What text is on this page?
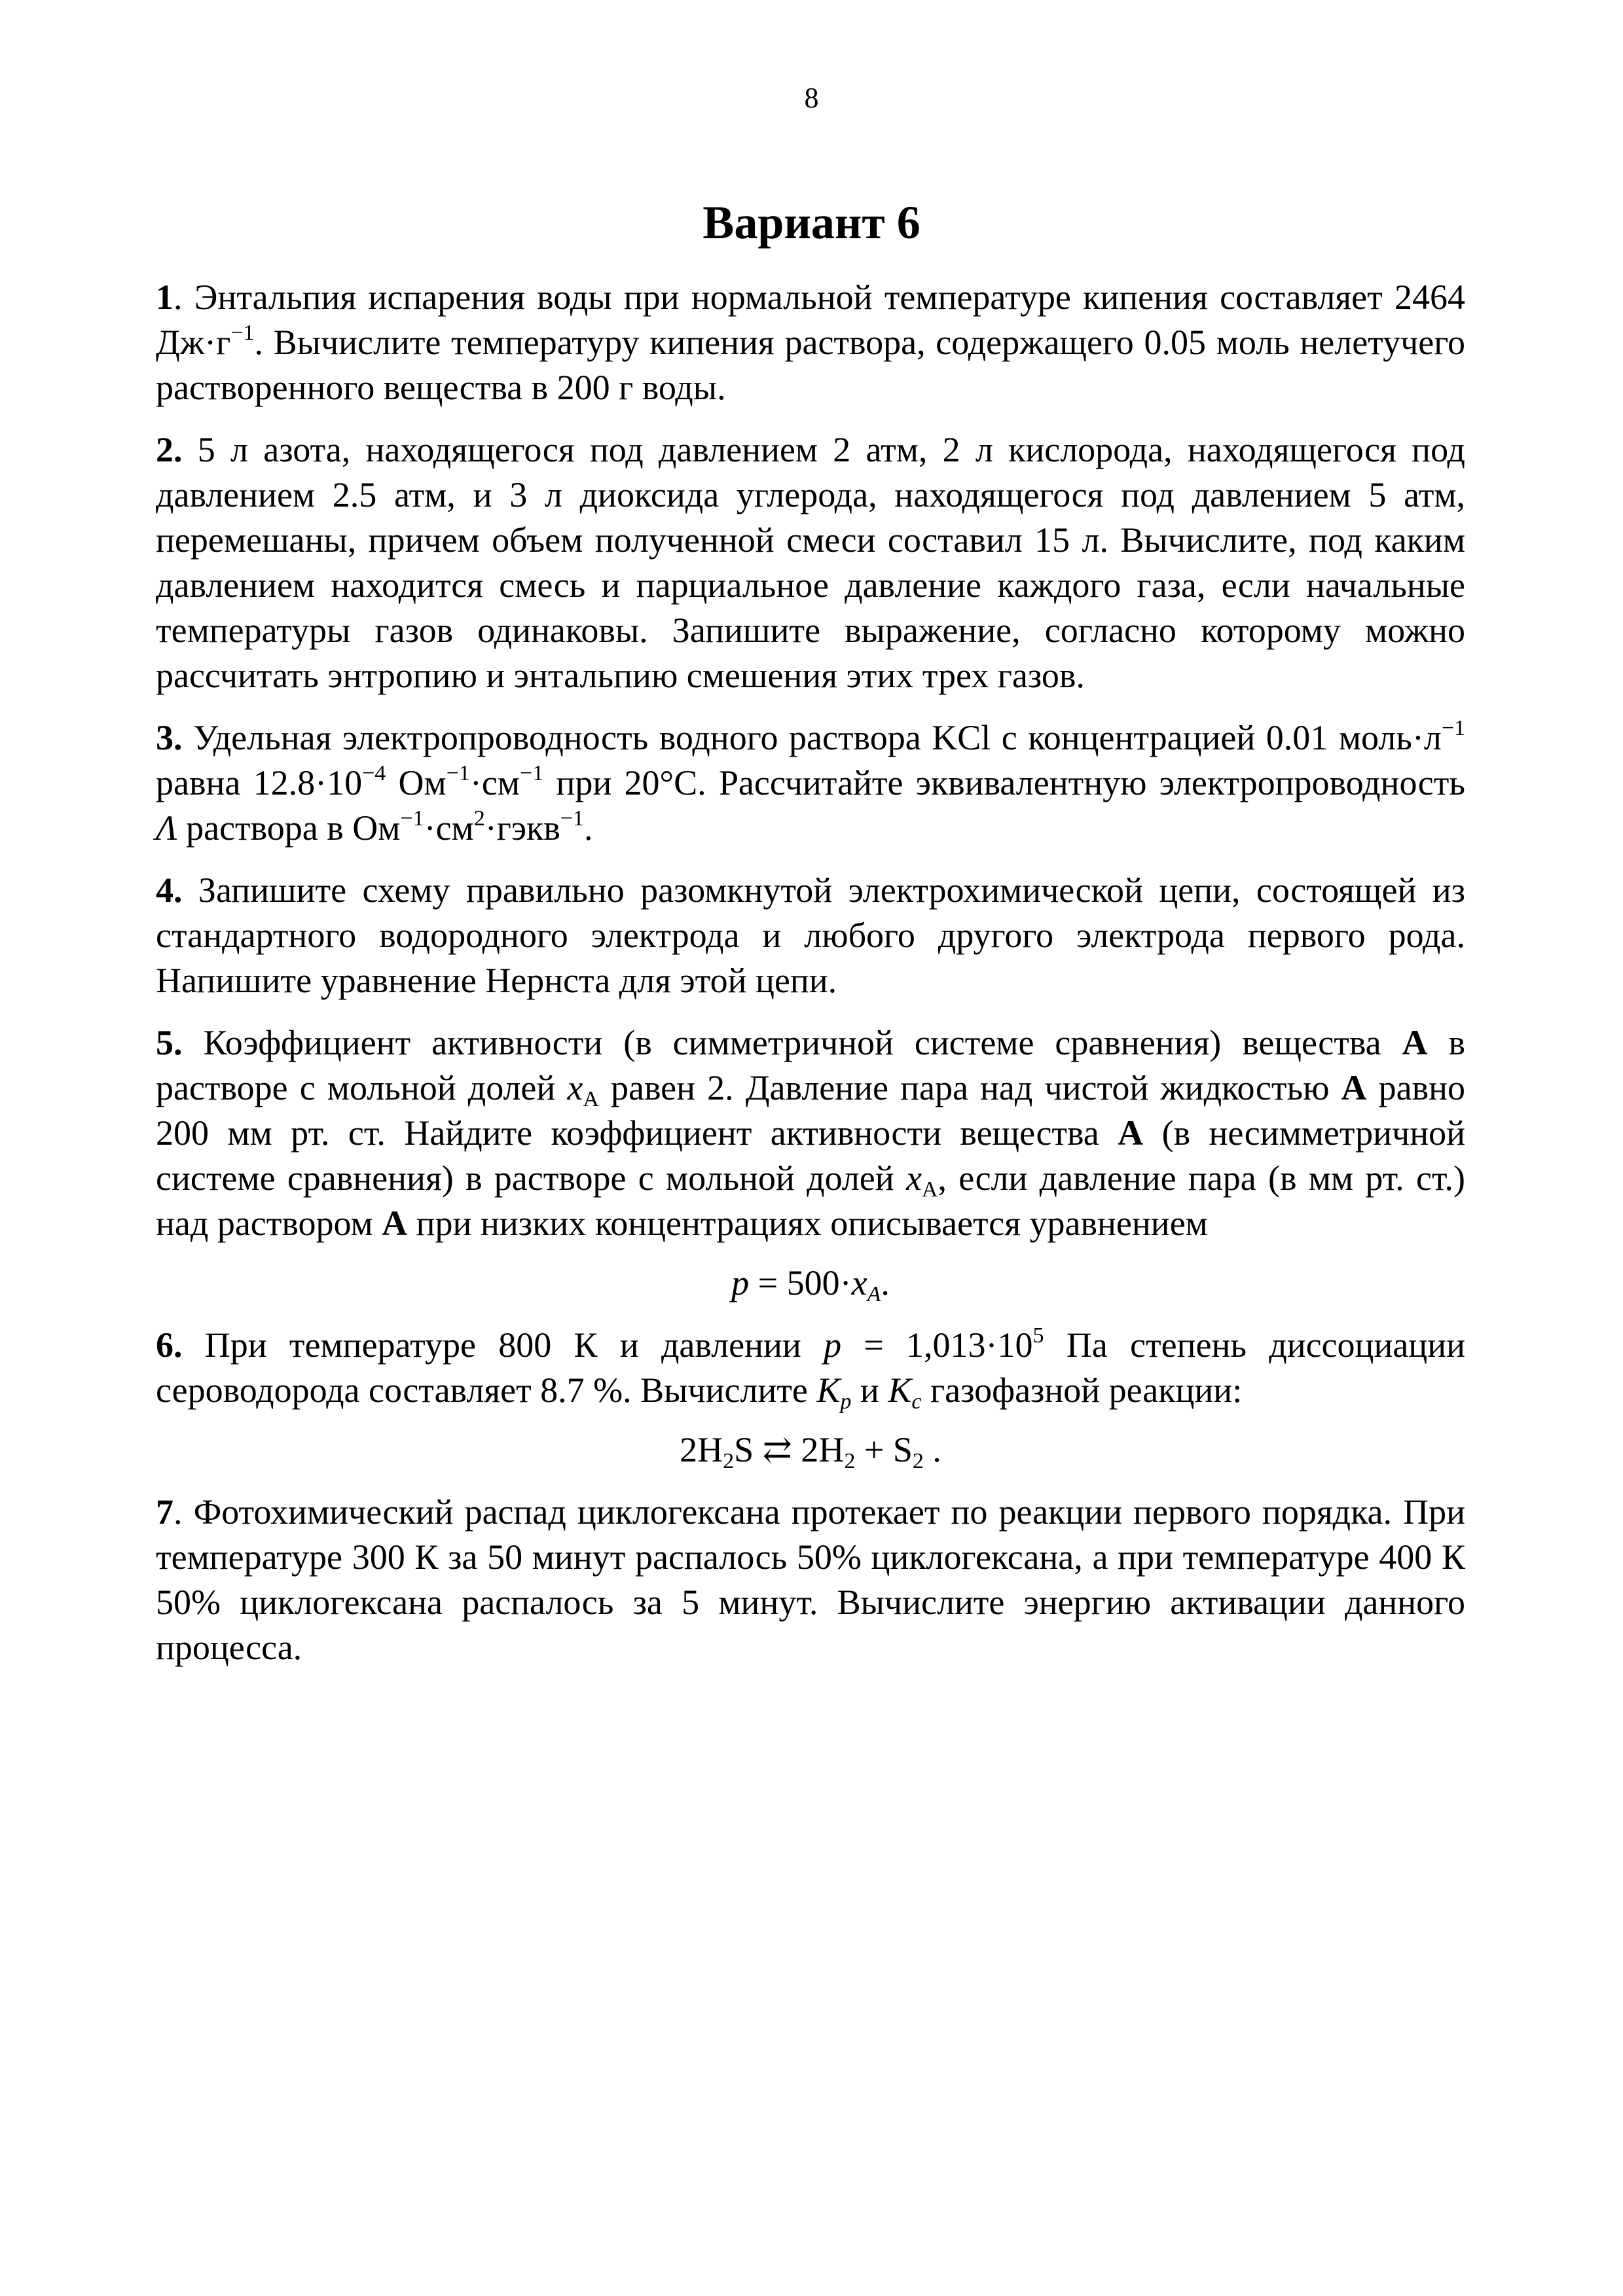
8
Вариант 6

1. Энтальпия испарения воды при нормальной температуре кипения составляет 2464 $Дж\cdot г^{-1}$. Вычислите температуру кипения раствора, содержащего 0.05 моль нелетучего растворенного вещества в 200 г воды.

2. 5 л азота, находящегося под давлением 2 атм, 2 л кислорода, находящегося под давлением 2.5 атм, и 3 л диоксида углерода, находящегося под давлением 5 атм, перемешаны, причем объем полученной смеси составил 15 л. Вычислите, под каким давлением находится смесь и парциальное давление каждого газа, если начальные температуры газов одинаковы. Запишите выражение, согласно которому можно рассчитать энтропию и энтальпию смешения этих трех газов.

3. Удельная электропроводность водного раствора KCl с концентрацией 0.01 $моль\cdot л^{-1}$ равна $12.8\cdot 10^{-4}$ $Ом^{-1}\cdot см^{-1}$ при 20°C. Рассчитайте эквивалентную электропроводность Λ раствора в $Ом^{-1}\cdot см^2\cdot гэкв^{-1}$.

4. Запишите схему правильно разомкнутой электрохимической цепи, состоящей из стандартного водородного электрода и любого другого электрода первого рода. Напишите уравнение Нернста для этой цепи.

5. Коэффициент активности (в симметричной системе сравнения) вещества A в растворе с мольной долей $x_A$ равен 2. Давление пара над чистой жидкостью A равно 200 мм рт. ст. Найдите коэффициент активности вещества A (в несимметричной системе сравнения) в растворе с мольной долей $x_A$, если давление пара (в мм рт. ст.) над раствором A при низких концентрациях описывается уравнением

$p = 500\cdot x_A$.

6. При температуре 800 К и давлении $p = 1,013\cdot 10^5$ Па степень диссоциации сероводорода составляет 8.7 %. Вычислите $K_p$ и $K_c$ газофазной реакции:

$2H_2S$ ⇄ $2H_2 + S_2$ .

7. Фотохимический распад циклогексана протекает по реакции первого порядка. При температуре 300 К за 50 минут распалось 50% циклогексана, а при температуре 400 К 50% циклогексана распалось за 5 минут. Вычислите энергию активации данного процесса.
